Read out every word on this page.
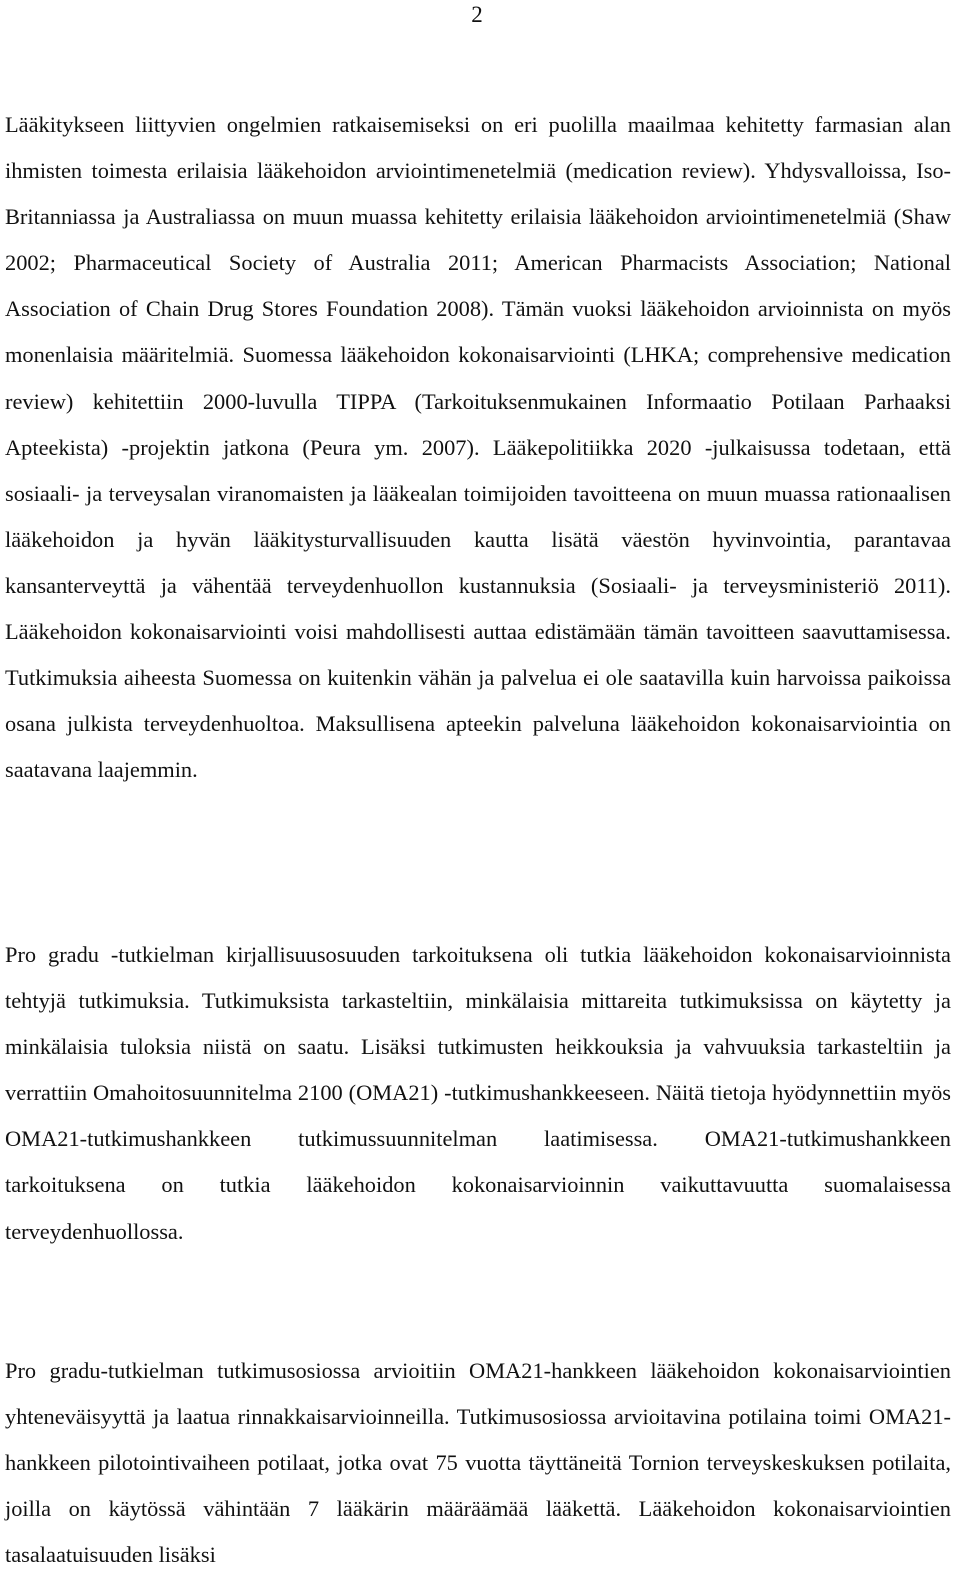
2

Lääkitykseen liittyvien ongelmien ratkaisemiseksi on eri puolilla maailmaa kehitetty farmasian alan ihmisten toimesta erilaisia lääkehoidon arviointimenetelmiä (medication review). Yhdysvalloissa, Iso-Britanniassa ja Australiassa on muun muassa kehitetty erilaisia lääkehoidon arviointimenetelmiä (Shaw 2002; Pharmaceutical Society of Australia 2011; American Pharmacists Association; National Association of Chain Drug Stores Foundation 2008). Tämän vuoksi lääkehoidon arvioinnista on myös monenlaisia määritelmiä. Suomessa lääkehoidon kokonaisarviointi (LHKA; comprehensive medication review) kehitettiin 2000-luvulla TIPPA (Tarkoituksenmukainen Informaatio Potilaan Parhaaksi Apteekista) -projektin jatkona (Peura ym. 2007). Lääkepolitiikka 2020 -julkaisussa todetaan, että sosiaali- ja terveysalan viranomaisten ja lääkealan toimijoiden tavoitteena on muun muassa rationaalisen lääkehoidon ja hyvän lääkitysturvallisuuden kautta lisätä väestön hyvinvointia, parantavaa kansanterveyttä ja vähentää terveydenhuollon kustannuksia (Sosiaali- ja terveysministeriö 2011). Lääkehoidon kokonaisarviointi voisi mahdollisesti auttaa edistämään tämän tavoitteen saavuttamisessa. Tutkimuksia aiheesta Suomessa on kuitenkin vähän ja palvelua ei ole saatavilla kuin harvoissa paikoissa osana julkista terveydenhuoltoa. Maksullisena apteekin palveluna lääkehoidon kokonaisarviointia on saatavana laajemmin.

Pro gradu -tutkielman kirjallisuusosuuden tarkoituksena oli tutkia lääkehoidon kokonaisarvioinnista tehtyjä tutkimuksia. Tutkimuksista tarkasteltiin, minkälaisia mittareita tutkimuksissa on käytetty ja minkälaisia tuloksia niistä on saatu. Lisäksi tutkimusten heikkouksia ja vahvuuksia tarkasteltiin ja verrattiin Omahoitosuunnitelma 2100 (OMA21) -tutkimushankkeeseen. Näitä tietoja hyödynnettiin myös OMA21-tutkimushankkeen tutkimussuunnitelman laatimisessa. OMA21-tutkimushankkeen tarkoituksena on tutkia lääkehoidon kokonaisarvioinnin vaikuttavuutta suomalaisessa terveydenhuollossa.

Pro gradu-tutkielman tutkimusosiossa arvioitiin OMA21-hankkeen lääkehoidon kokonaisarviointien yhteneväisyyttä ja laatua rinnakkaisarvioinneilla. Tutkimusosiossa arvioitavina potilaina toimi OMA21-hankkeen pilotointivaiheen potilaat, jotka ovat 75 vuotta täyttäneitä Tornion terveyskeskuksen potilaita, joilla on käytössä vähintään 7 lääkärin määräämää lääkettä. Lääkehoidon kokonaisarviointien tasalaatuisuuden lisäksi
